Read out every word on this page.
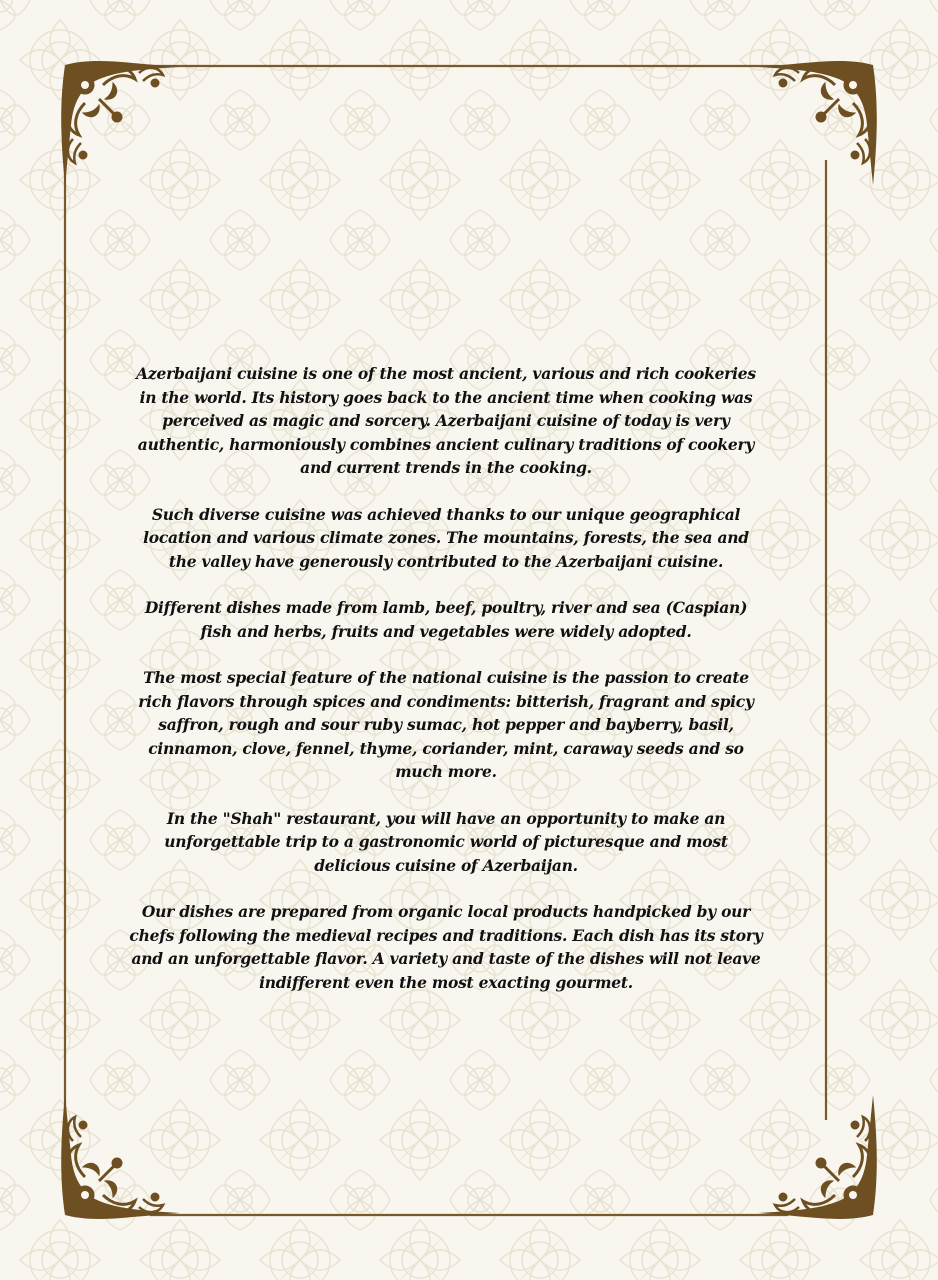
Azerbaijani cuisine is one of the most ancient, various and rich cookeries in the world. Its history goes back to the ancient time when cooking was perceived as magic and sorcery. Azerbaijani cuisine of today is very authentic, harmoniously combines ancient culinary traditions of cookery and current trends in the cooking.

Such diverse cuisine was achieved thanks to our unique geographical location and various climate zones. The mountains, forests, the sea and the valley have generously contributed to the Azerbaijani cuisine.

Different dishes made from lamb, beef, poultry, river and sea (Caspian) fish and herbs, fruits and vegetables were widely adopted.

The most special feature of the national cuisine is the passion to create rich flavors through spices and condiments: bitterish, fragrant and spicy saffron, rough and sour ruby sumac, hot pepper and bayberry, basil, cinnamon, clove, fennel, thyme, coriander, mint, caraway seeds and so much more.

In the "Shah" restaurant, you will have an opportunity to make an unforgettable trip to a gastronomic world of picturesque and most delicious cuisine of Azerbaijan.

Our dishes are prepared from organic local products handpicked by our chefs following the medieval recipes and traditions. Each dish has its story and an unforgettable flavor. A variety and taste of the dishes will not leave indifferent even the most exacting gourmet.
